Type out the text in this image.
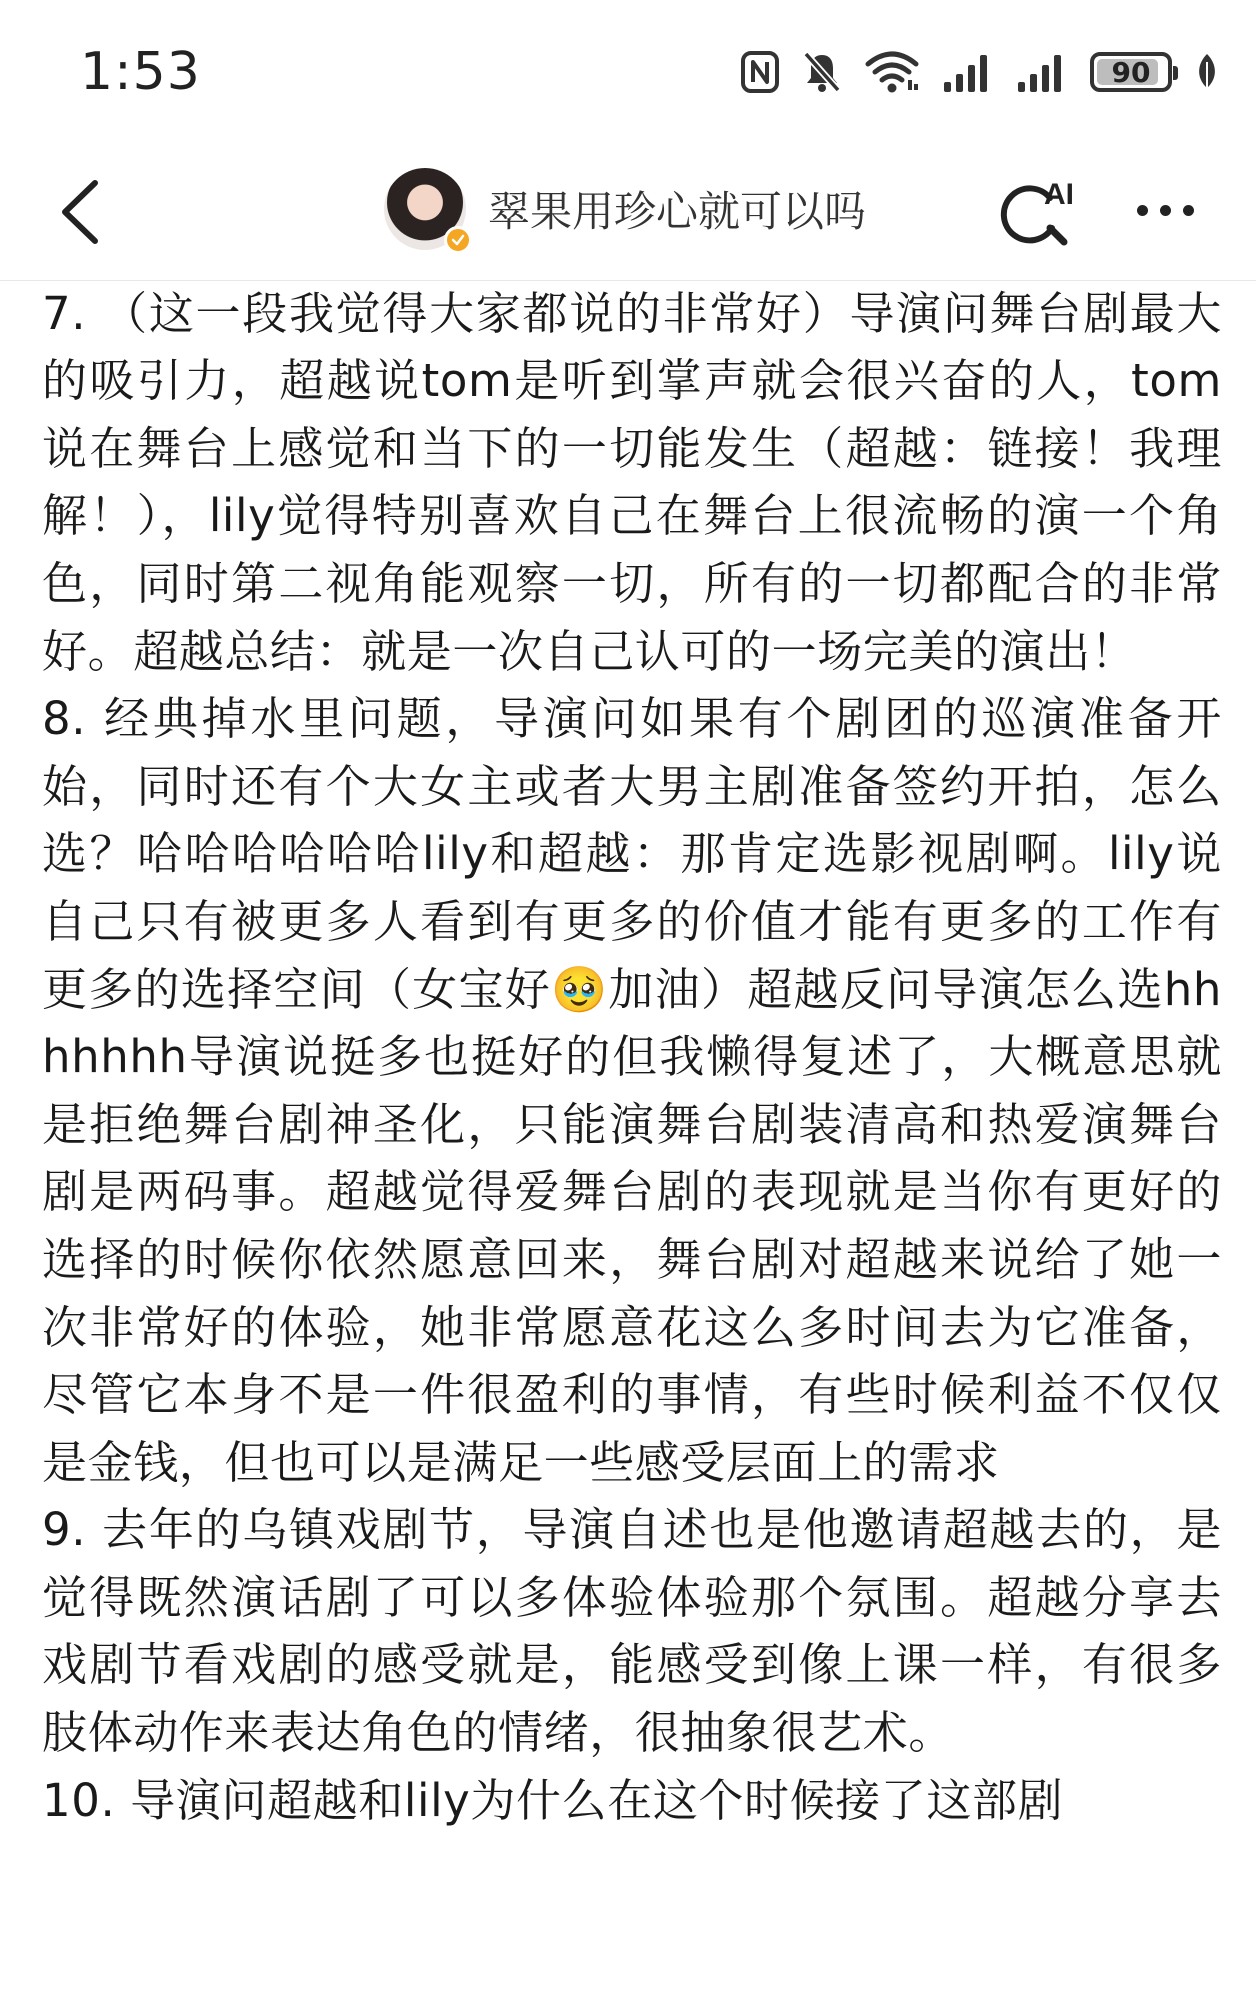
1:53	90
翠果用珍心就可以吗	AI

7. （这一段我觉得大家都说的非常好）导演问舞台剧最大的吸引力，超越说tom是听到掌声就会很兴奋的人，tom说在舞台上感觉和当下的一切能发生（超越：链接！我理解！），lily觉得特别喜欢自己在舞台上很流畅的演一个角色，同时第二视角能观察一切，所有的一切都配合的非常好。超越总结：就是一次自己认可的一场完美的演出！

8. 经典掉水里问题，导演问如果有个剧团的巡演准备开始，同时还有个大女主或者大男主剧准备签约开拍，怎么选？哈哈哈哈哈哈lily和超越：那肯定选影视剧啊。lily说自己只有被更多人看到有更多的价值才能有更多的工作有更多的选择空间（女宝好🥹加油）超越反问导演怎么选hhhhhhh导演说挺多也挺好的但我懒得复述了，大概意思就是拒绝舞台剧神圣化，只能演舞台剧装清高和热爱演舞台剧是两码事。超越觉得爱舞台剧的表现就是当你有更好的选择的时候你依然愿意回来，舞台剧对超越来说给了她一次非常好的体验，她非常愿意花这么多时间去为它准备，尽管它本身不是一件很盈利的事情，有些时候利益不仅仅是金钱，但也可以是满足一些感受层面上的需求

9. 去年的乌镇戏剧节，导演自述也是他邀请超越去的，是觉得既然演话剧了可以多体验体验那个氛围。超越分享去戏剧节看戏剧的感受就是，能感受到像上课一样，有很多肢体动作来表达角色的情绪，很抽象很艺术。

10. 导演问超越和lily为什么在这个时候接了这部剧
